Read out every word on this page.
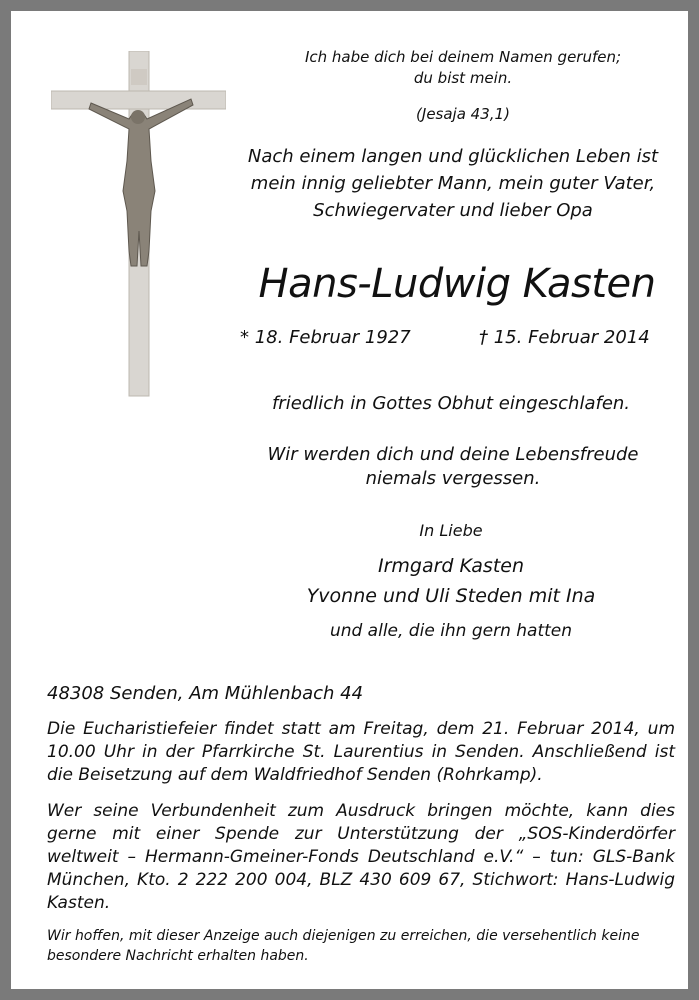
Ich habe dich bei deinem Namen gerufen;
du bist mein.
(Jesaja 43,1)
Nach einem langen und glücklichen Leben ist
mein innig geliebter Mann, mein guter Vater,
Schwiegervater und lieber Opa
Hans-Ludwig Kasten
* 18. Februar 1927	† 15. Februar 2014
friedlich in Gottes Obhut eingeschlafen.
Wir werden dich und deine Lebensfreude
niemals vergessen.
In Liebe
Irmgard Kasten
Yvonne und Uli Steden mit Ina
und alle, die ihn gern hatten
48308 Senden, Am Mühlenbach 44
Die Eucharistiefeier findet statt am Freitag, dem 21. Februar 2014, um 10.00 Uhr in der Pfarrkirche St. Laurentius in Senden. Anschließend ist die Beisetzung auf dem Waldfriedhof Senden (Rohrkamp).
Wer seine Verbundenheit zum Ausdruck bringen möchte, kann dies gerne mit einer Spende zur Unterstützung der „SOS-Kinderdörfer weltweit – Hermann-Gmeiner-Fonds Deutschland e.V.“ – tun: GLS-Bank München, Kto. 2 222 200 004, BLZ 430 609 67, Stichwort: Hans-Ludwig Kasten.
Wir hoffen, mit dieser Anzeige auch diejenigen zu erreichen, die versehentlich keine besondere Nachricht erhalten haben.
